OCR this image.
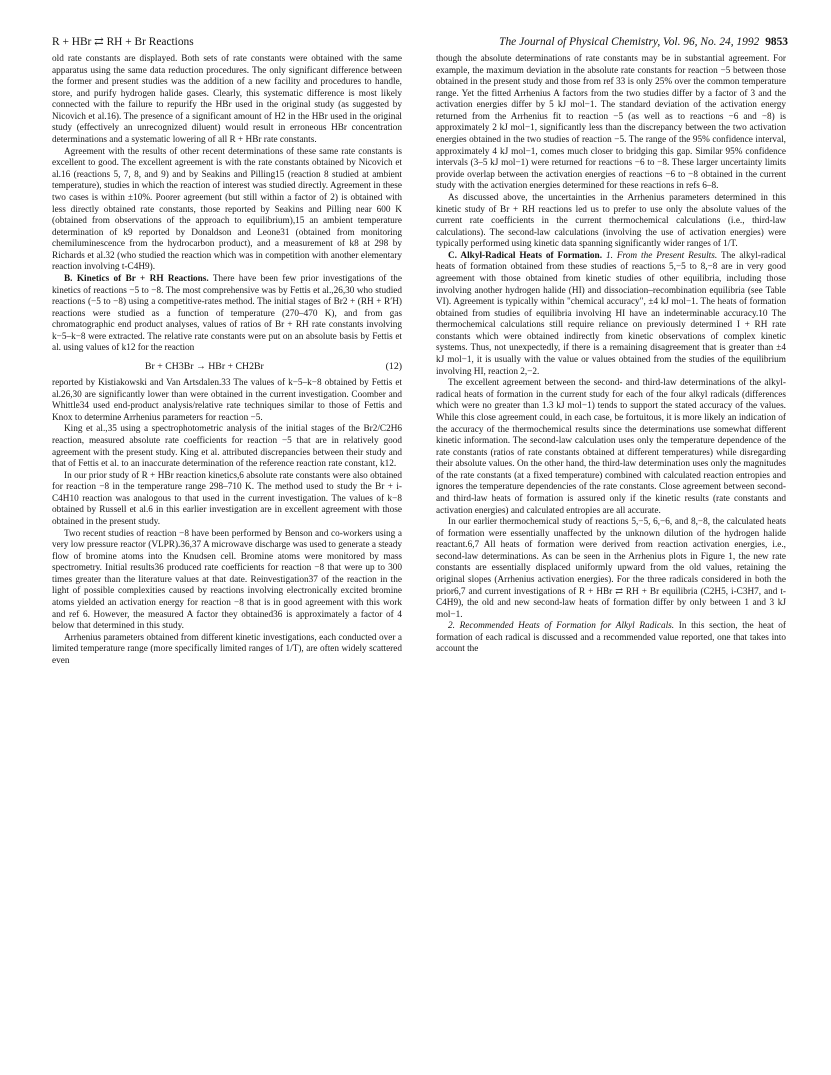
R + HBr ⇄ RH + Br Reactions	The Journal of Physical Chemistry, Vol. 96, No. 24, 1992 9853

old rate constants are displayed. Both sets of rate constants were obtained with the same apparatus using the same data reduction procedures. The only significant difference between the former and present studies was the addition of a new facility and procedures to handle, store, and purify hydrogen halide gases. Clearly, this systematic difference is most likely connected with the failure to repurify the HBr used in the original study (as suggested by Nicovich et al.16). The presence of a significant amount of H2 in the HBr used in the original study (effectively an unrecognized diluent) would result in erroneous HBr concentration determinations and a systematic lowering of all R + HBr rate constants.

Agreement with the results of other recent determinations of these same rate constants is excellent to good. The excellent agreement is with the rate constants obtained by Nicovich et al.16 (reactions 5, 7, 8, and 9) and by Seakins and Pilling15 (reaction 8 studied at ambient temperature), studies in which the reaction of interest was studied directly. Agreement in these two cases is within ±10%. Poorer agreement (but still within a factor of 2) is obtained with less directly obtained rate constants, those reported by Seakins and Pilling near 600 K (obtained from observations of the approach to equilibrium),15 an ambient temperature determination of k9 reported by Donaldson and Leone31 (obtained from monitoring chemiluminescence from the hydrocarbon product), and a measurement of k8 at 298 by Richards et al.32 (who studied the reaction which was in competition with another elementary reaction involving t-C4H9).

B. Kinetics of Br + RH Reactions. There have been few prior investigations of the kinetics of reactions −5 to −8. The most comprehensive was by Fettis et al.,26,30 who studied reactions (−5 to −8) using a competitive-rates method. The initial stages of Br2 + (RH + R′H) reactions were studied as a function of temperature (270–470 K), and from gas chromatographic end product analyses, values of ratios of Br + RH rate constants involving k−5–k−8 were extracted. The relative rate constants were put on an absolute basis by Fettis et al. using values of k12 for the reaction

Br + CH3Br → HBr + CH2Br	(12)

reported by Kistiakowski and Van Artsdalen.33 The values of k−5–k−8 obtained by Fettis et al.26,30 are significantly lower than were obtained in the current investigation. Coomber and Whittle34 used end-product analysis/relative rate techniques similar to those of Fettis and Knox to determine Arrhenius parameters for reaction −5.

King et al.,35 using a spectrophotometric analysis of the initial stages of the Br2/C2H6 reaction, measured absolute rate coefficients for reaction −5 that are in relatively good agreement with the present study. King et al. attributed discrepancies between their study and that of Fettis et al. to an inaccurate determination of the reference reaction rate constant, k12.

In our prior study of R + HBr reaction kinetics,6 absolute rate constants were also obtained for reaction −8 in the temperature range 298–710 K. The method used to study the Br + i-C4H10 reaction was analogous to that used in the current investigation. The values of k−8 obtained by Russell et al.6 in this earlier investigation are in excellent agreement with those obtained in the present study.

Two recent studies of reaction −8 have been performed by Benson and co-workers using a very low pressure reactor (VLPR).36,37 A microwave discharge was used to generate a steady flow of bromine atoms into the Knudsen cell. Bromine atoms were monitored by mass spectrometry. Initial results36 produced rate coefficients for reaction −8 that were up to 300 times greater than the literature values at that date. Reinvestigation37 of the reaction in the light of possible complexities caused by reactions involving electronically excited bromine atoms yielded an activation energy for reaction −8 that is in good agreement with this work and ref 6. However, the measured A factor they obtained36 is approximately a factor of 4 below that determined in this study.

Arrhenius parameters obtained from different kinetic investigations, each conducted over a limited temperature range (more specifically limited ranges of 1/T), are often widely scattered even

though the absolute determinations of rate constants may be in substantial agreement. For example, the maximum deviation in the absolute rate constants for reaction −5 between those obtained in the present study and those from ref 33 is only 25% over the common temperature range. Yet the fitted Arrhenius A factors from the two studies differ by a factor of 3 and the activation energies differ by 5 kJ mol−1. The standard deviation of the activation energy returned from the Arrhenius fit to reaction −5 (as well as to reactions −6 and −8) is approximately 2 kJ mol−1, significantly less than the discrepancy between the two activation energies obtained in the two studies of reaction −5. The range of the 95% confidence interval, approximately 4 kJ mol−1, comes much closer to bridging this gap. Similar 95% confidence intervals (3–5 kJ mol−1) were returned for reactions −6 to −8. These larger uncertainty limits provide overlap between the activation energies of reactions −6 to −8 obtained in the current study with the activation energies determined for these reactions in refs 6–8.

As discussed above, the uncertainties in the Arrhenius parameters determined in this kinetic study of Br + RH reactions led us to prefer to use only the absolute values of the current rate coefficients in the current thermochemical calculations (i.e., third-law calculations). The second-law calculations (involving the use of activation energies) were typically performed using kinetic data spanning significantly wider ranges of 1/T.

C. Alkyl-Radical Heats of Formation. 1. From the Present Results. The alkyl-radical heats of formation obtained from these studies of reactions 5,−5 to 8,−8 are in very good agreement with those obtained from kinetic studies of other equilibria, including those involving another hydrogen halide (HI) and dissociation–recombination equilibria (see Table VI). Agreement is typically within "chemical accuracy", ±4 kJ mol−1. The heats of formation obtained from studies of equilibria involving HI have an indeterminable accuracy.10 The thermochemical calculations still require reliance on previously determined I + RH rate constants which were obtained indirectly from kinetic observations of complex kinetic systems. Thus, not unexpectedly, if there is a remaining disagreement that is greater than ±4 kJ mol−1, it is usually with the value or values obtained from the studies of the equilibrium involving HI, reaction 2,−2.

The excellent agreement between the second- and third-law determinations of the alkyl-radical heats of formation in the current study for each of the four alkyl radicals (differences which were no greater than 1.3 kJ mol−1) tends to support the stated accuracy of the values. While this close agreement could, in each case, be fortuitous, it is more likely an indication of the accuracy of the thermochemical results since the determinations use somewhat different kinetic information. The second-law calculation uses only the temperature dependence of the rate constants (ratios of rate constants obtained at different temperatures) while disregarding their absolute values. On the other hand, the third-law determination uses only the magnitudes of the rate constants (at a fixed temperature) combined with calculated reaction entropies and ignores the temperature dependencies of the rate constants. Close agreement between second- and third-law heats of formation is assured only if the kinetic results (rate constants and activation energies) and calculated entropies are all accurate.

In our earlier thermochemical study of reactions 5,−5, 6,−6, and 8,−8, the calculated heats of formation were essentially unaffected by the unknown dilution of the hydrogen halide reactant.6,7 All heats of formation were derived from reaction activation energies, i.e., second-law determinations. As can be seen in the Arrhenius plots in Figure 1, the new rate constants are essentially displaced uniformly upward from the old values, retaining the original slopes (Arrhenius activation energies). For the three radicals considered in both the prior6,7 and current investigations of R + HBr ⇄ RH + Br equilibria (C2H5, i-C3H7, and t-C4H9), the old and new second-law heats of formation differ by only between 1 and 3 kJ mol−1.

2. Recommended Heats of Formation for Alkyl Radicals. In this section, the heat of formation of each radical is discussed and a recommended value reported, one that takes into account the
